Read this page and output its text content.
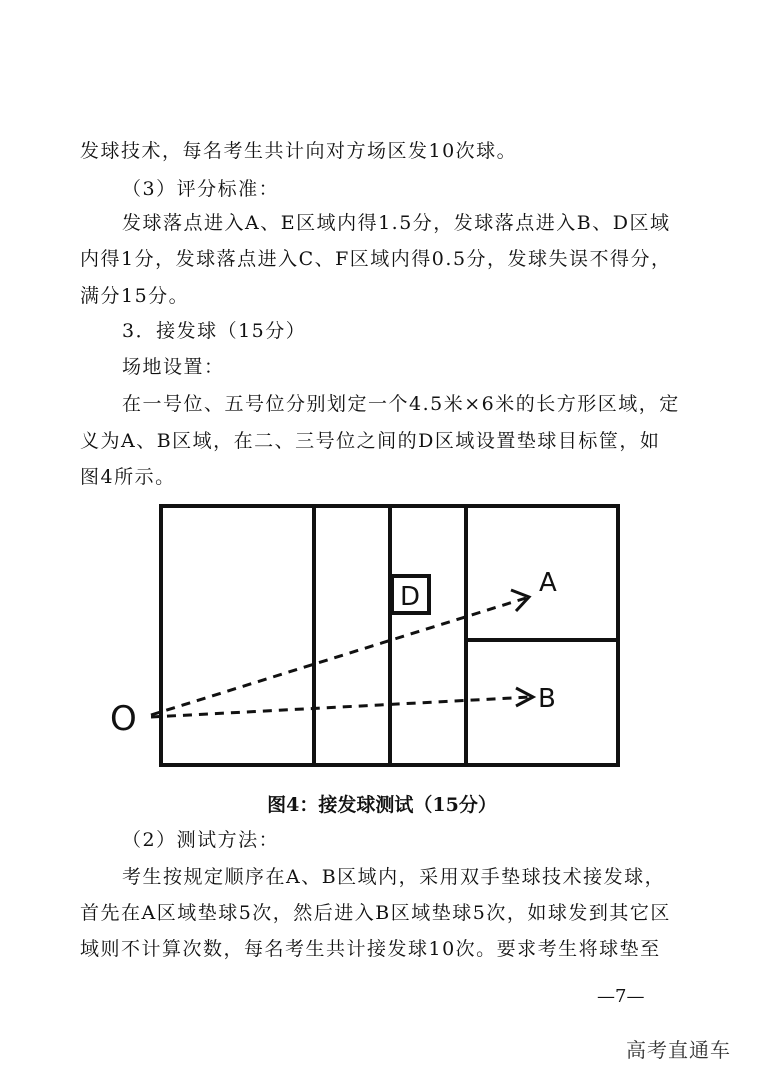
发球技术，每名考生共计向对方场区发10次球。
（3）评分标准：
发球落点进入A、E区域内得1.5分，发球落点进入B、D区域
内得1分，发球落点进入C、F区域内得0.5分，发球失误不得分，
满分15分。
3．接发球（15分）
场地设置：
在一号位、五号位分别划定一个4.5米×6米的长方形区域，定
义为A、B区域，在二、三号位之间的D区域设置垫球目标筐，如
图4所示。
D	A
B
O
图4：接发球测试（15分）
（2）测试方法：
考生按规定顺序在A、B区域内，采用双手垫球技术接发球，
首先在A区域垫球5次，然后进入B区域垫球5次，如球发到其它区
域则不计算次数，每名考生共计接发球10次。要求考生将球垫至
—7—
高考直通车
